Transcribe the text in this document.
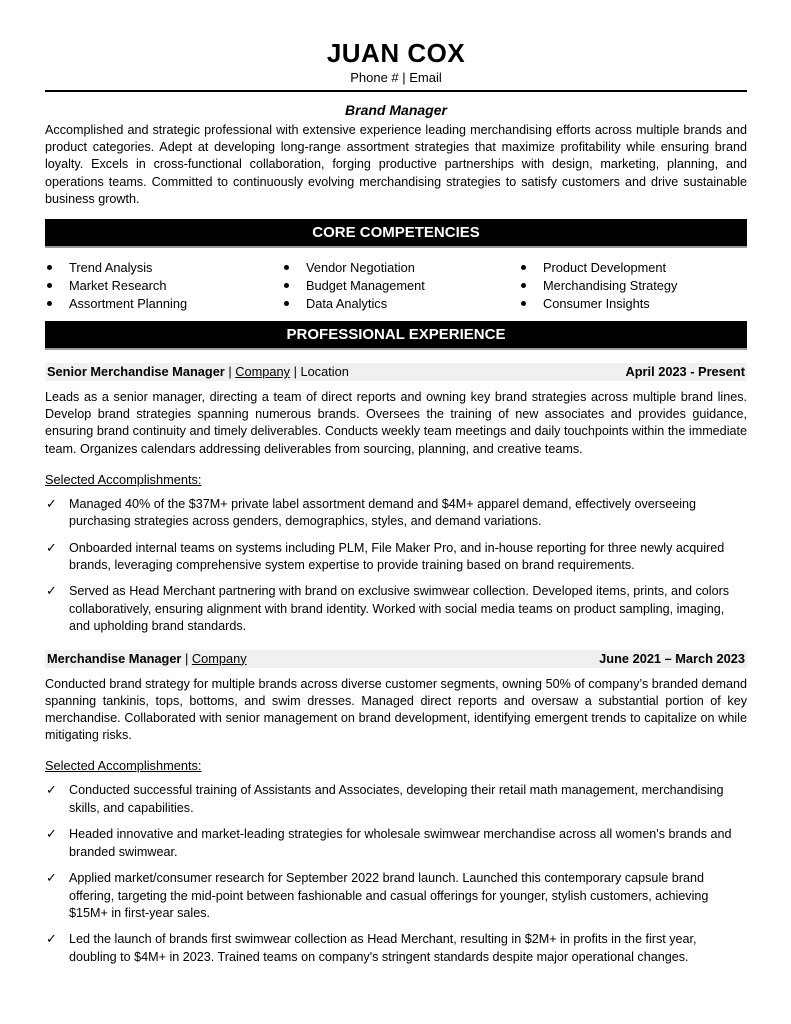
JUAN COX
Phone # | Email
Brand Manager
Accomplished and strategic professional with extensive experience leading merchandising efforts across multiple brands and product categories. Adept at developing long-range assortment strategies that maximize profitability while ensuring brand loyalty. Excels in cross-functional collaboration, forging productive partnerships with design, marketing, planning, and operations teams. Committed to continuously evolving merchandising strategies to satisfy customers and drive sustainable business growth.
CORE COMPETENCIES
Trend Analysis	Vendor Negotiation	Product Development
Market Research	Budget Management	Merchandising Strategy
Assortment Planning	Data Analytics	Consumer Insights
PROFESSIONAL EXPERIENCE
Senior Merchandise Manager | Company | Location	April 2023 - Present
Leads as a senior manager, directing a team of direct reports and owning key brand strategies across multiple brand lines. Develop brand strategies spanning numerous brands. Oversees the training of new associates and provides guidance, ensuring brand continuity and timely deliverables. Conducts weekly team meetings and daily touchpoints within the immediate team. Organizes calendars addressing deliverables from sourcing, planning, and creative teams.
Selected Accomplishments:
✓ Managed 40% of the $37M+ private label assortment demand and $4M+ apparel demand, effectively overseeing purchasing strategies across genders, demographics, styles, and demand variations.
✓ Onboarded internal teams on systems including PLM, File Maker Pro, and in-house reporting for three newly acquired brands, leveraging comprehensive system expertise to provide training based on brand requirements.
✓ Served as Head Merchant partnering with brand on exclusive swimwear collection. Developed items, prints, and colors collaboratively, ensuring alignment with brand identity. Worked with social media teams on product sampling, imaging, and upholding brand standards.
Merchandise Manager | Company	June 2021 – March 2023
Conducted brand strategy for multiple brands across diverse customer segments, owning 50% of company’s branded demand spanning tankinis, tops, bottoms, and swim dresses. Managed direct reports and oversaw a substantial portion of key merchandise. Collaborated with senior management on brand development, identifying emergent trends to capitalize on while mitigating risks.
Selected Accomplishments:
✓ Conducted successful training of Assistants and Associates, developing their retail math management, merchandising skills, and capabilities.
✓ Headed innovative and market-leading strategies for wholesale swimwear merchandise across all women's brands and branded swimwear.
✓ Applied market/consumer research for September 2022 brand launch. Launched this contemporary capsule brand offering, targeting the mid-point between fashionable and casual offerings for younger, stylish customers, achieving $15M+ in first-year sales.
✓ Led the launch of brands first swimwear collection as Head Merchant, resulting in $2M+ in profits in the first year, doubling to $4M+ in 2023. Trained teams on company's stringent standards despite major operational changes.
